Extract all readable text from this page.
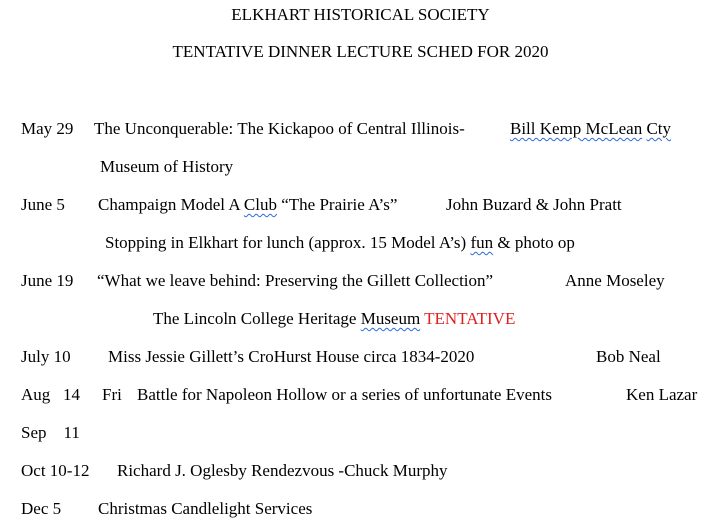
ELKHART HISTORICAL SOCIETY
TENTATIVE DINNER LECTURE SCHED FOR 2020
May 29 The Unconquerable: The Kickapoo of Central Illinois-	Bill Kemp McLean Cty
Museum of History
June 5 Champaign Model A Club “The Prairie A’s”	John Buzard & John Pratt
Stopping in Elkhart for lunch (approx. 15 Model A’s) fun & photo op
June 19 “What we leave behind: Preserving the Gillett Collection”	Anne Moseley
The Lincoln College Heritage Museum TENTATIVE
July 10 Miss Jessie Gillett’s CroHurst House circa 1834-2020	Bob Neal
Aug   14 Fri Battle for Napoleon Hollow or a series of unfortunate Events	Ken Lazar
Sep    11
Oct 10-12 Richard J. Oglesby Rendezvous -Chuck Murphy
Dec 5 Christmas Candlelight Services
